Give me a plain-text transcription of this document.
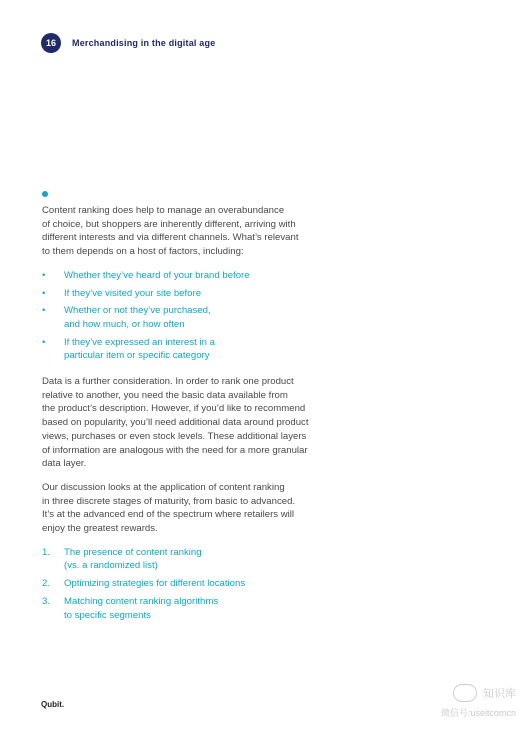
16	Merchandising in the digital age

Content ranking does help to manage an overabundance
of choice, but shoppers are inherently different, arriving with
different interests and via different channels. What’s relevant
to them depends on a host of factors, including:

•	Whether they’ve heard of your brand before
•	If they’ve visited your site before
•	Whether or not they’ve purchased,
and how much, or how often
•	If they’ve expressed an interest in a
particular item or specific category

Data is a further consideration. In order to rank one product
relative to another, you need the basic data available from
the product’s description. However, if you’d like to recommend
based on popularity, you’ll need additional data around product
views, purchases or even stock levels. These additional layers
of information are analogous with the need for a more granular
data layer.

Our discussion looks at the application of content ranking
in three discrete stages of maturity, from basic to advanced.
It’s at the advanced end of the spectrum where retailers will
enjoy the greatest rewards.

1.	The presence of content ranking
(vs. a randomized list)
2.	Optimizing strategies for different locations
3.	Matching content ranking algorithms
to specific segments
Qubit.
知识库
微信号:useitcomcn
